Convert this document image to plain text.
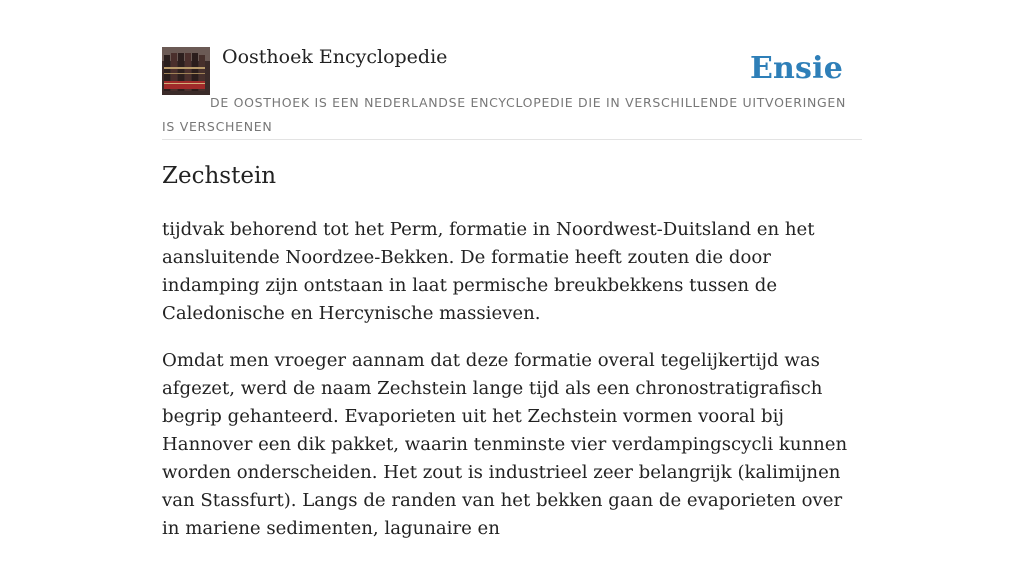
Oosthoek Encyclopedie	Ensie
DE OOSTHOEK IS EEN NEDERLANDSE ENCYCLOPEDIE DIE IN VERSCHILLENDE UITVOERINGEN IS VERSCHENEN
Zechstein

tijdvak behorend tot het Perm, formatie in Noordwest-Duitsland en het aansluitende Noordzee-Bekken. De formatie heeft zouten die door indamping zijn ontstaan in laat permische breukbekkens tussen de Caledonische en Hercynische massieven.

Omdat men vroeger aannam dat deze formatie overal tegelijkertijd was afgezet, werd de naam Zechstein lange tijd als een chronostratigrafisch begrip gehanteerd. Evaporieten uit het Zechstein vormen vooral bij Hannover een dik pakket, waarin tenminste vier verdampingscycli kunnen worden onderscheiden. Het zout is industrieel zeer belangrijk (kalimijnen van Stassfurt). Langs de randen van het bekken gaan de evaporieten over in mariene sedimenten, lagunaire en
